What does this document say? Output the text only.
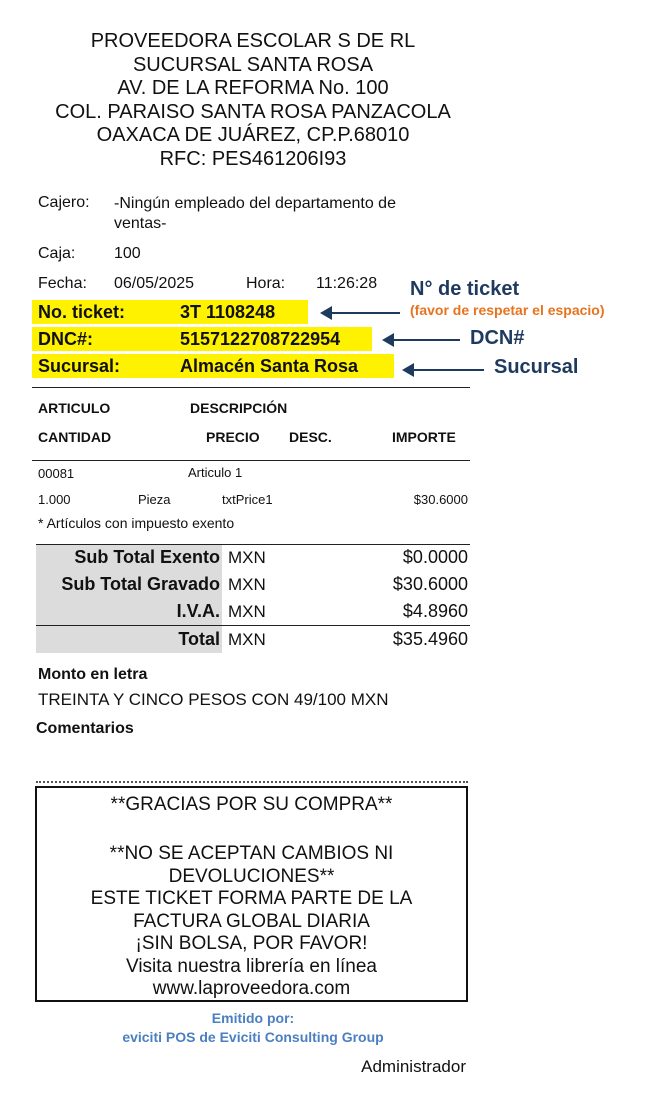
PROVEEDORA ESCOLAR S DE RL
SUCURSAL SANTA ROSA
AV. DE LA REFORMA No. 100
COL. PARAISO SANTA ROSA PANZACOLA
OAXACA DE JUÁREZ, CP.P.68010
RFC: PES461206I93
Cajero: -Ningún empleado del departamento de
ventas-
Caja: 100
Fecha: 06/05/2025	Hora: 11:26:28
No. ticket:	3T 1108248
DNC#:	5157122708722954
Sucursal:	Almacén Santa Rosa
N° de ticket
(favor de respetar el espacio)
DCN#
Sucursal
ARTICULO	DESCRIPCIÓN
CANTIDAD	PRECIO DESC.	IMPORTE
00081	Articulo 1
1.000	Pieza	txtPrice1	$30.6000
* Artículos con impuesto exento
Sub Total Exento MXN	$0.0000
Sub Total Gravado MXN	$30.6000
I.V.A. MXN	$4.8960
Total MXN	$35.4960
Monto en letra
TREINTA Y CINCO PESOS CON 49/100 MXN
Comentarios
**GRACIAS POR SU COMPRA**
**NO SE ACEPTAN CAMBIOS NI
DEVOLUCIONES**
ESTE TICKET FORMA PARTE DE LA
FACTURA GLOBAL DIARIA
¡SIN BOLSA, POR FAVOR!
Visita nuestra librería en línea
www.laproveedora.com
Emitido por:
eviciti POS de Eviciti Consulting Group
Administrador
